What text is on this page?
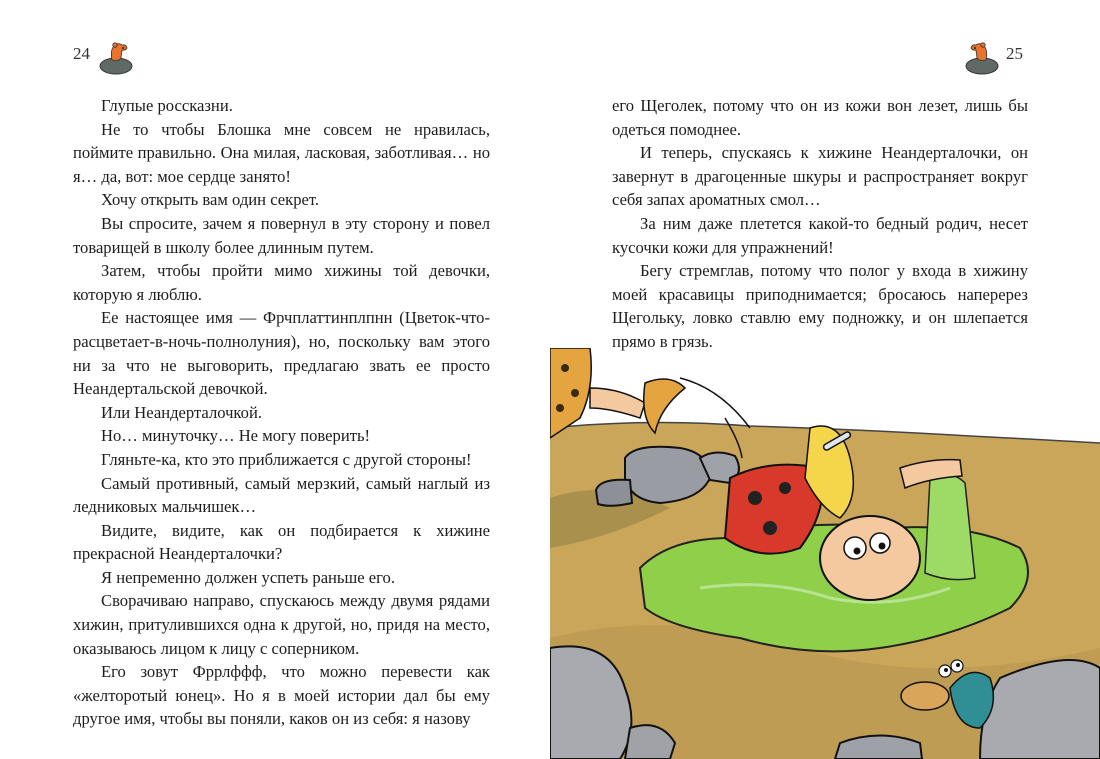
24

Глупые россказни.

Не то чтобы Блошка мне совсем не нравилась, поймите правильно. Она милая, ласковая, заботливая… но я… да, вот: мое сердце занято!

Хочу открыть вам один секрет.

Вы спросите, зачем я повернул в эту сторону и повел товарищей в школу более длинным путем.

Затем, чтобы пройти мимо хижины той девочки, которую я люблю.

Ее настоящее имя — Фрчплаттинплпнн (Цветок-что-расцветает-в-ночь-полнолуния), но, поскольку вам этого ни за что не выговорить, предлагаю звать ее просто Неандертальской девочкой.

Или Неандерталочкой.

Но… минуточку… Не могу поверить!

Гляньте-ка, кто это приближается с другой стороны!

Самый противный, самый мерзкий, самый наглый из ледниковых мальчишек…

Видите, видите, как он подбирается к хижине прекрасной Неандерталочки?

Я непременно должен успеть раньше его.

Сворачиваю направо, спускаюсь между двумя рядами хижин, притулившихся одна к другой, но, придя на место, оказываюсь лицом к лицу с соперником.

Его зовут Фррлффф, что можно перевести как «желторотый юнец». Но я в моей истории дал бы ему другое имя, чтобы вы поняли, каков он из себя: я назову

25

его Щеголек, потому что он из кожи вон лезет, лишь бы одеться помоднее.

И теперь, спускаясь к хижине Неандерталочки, он завернут в драгоценные шкуры и распространяет вокруг себя запах ароматных смол…

За ним даже плетется какой-то бедный родич, несет кусочки кожи для упражнений!

Бегу стремглав, потому что полог у входа в хижину моей красавицы приподнимается; бросаюсь наперерез Щегольку, ловко ставлю ему подножку, и он шлепается прямо в грязь.
